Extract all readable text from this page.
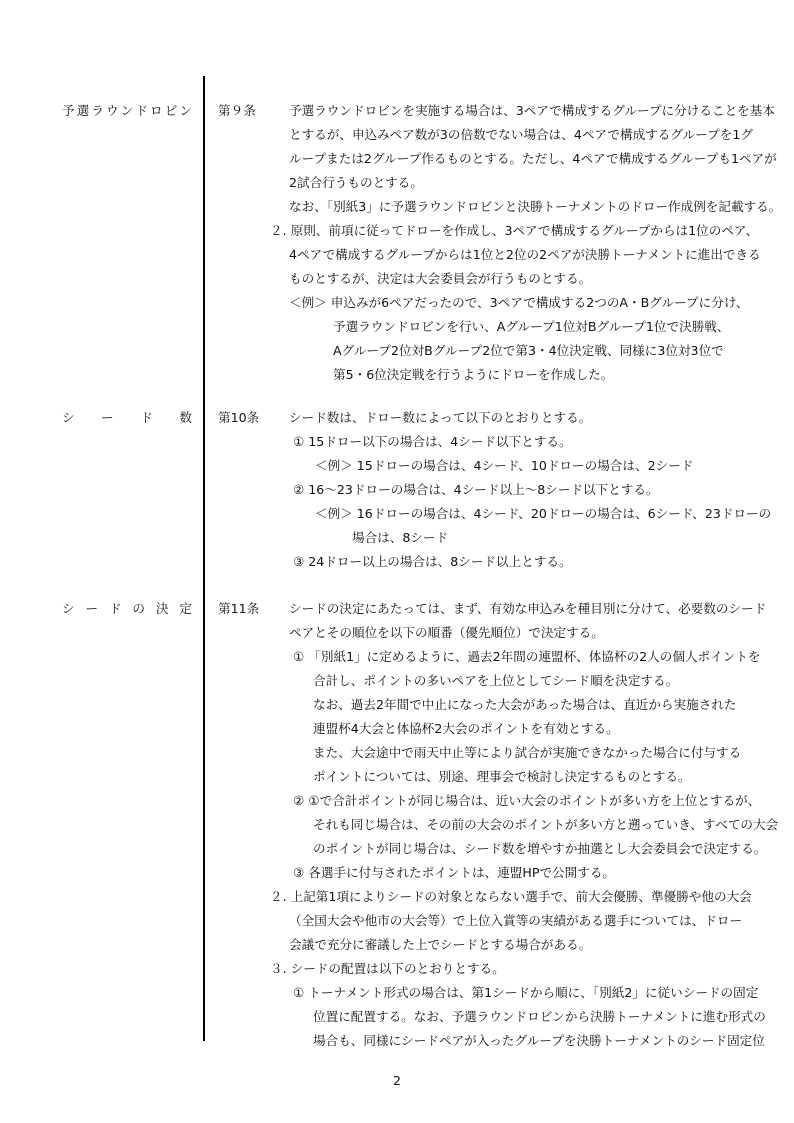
予 選 ラ ウ ン ド ロ ビ ン 第９条	予選ラウンドロビンを実施する場合は、3ペアで構成するグループに分けることを基本
とするが、申込みペア数が3の倍数でない場合は、4ペアで構成するグループを1グ
ループまたは2グループ作るものとする。ただし、4ペアで構成するグループも1ペアが
2試合行うものとする。
なお、「別紙3」に予選ラウンドロビンと決勝トーナメントのドロー作成例を記載する。
２. 原則、前項に従ってドローを作成し、3ペアで構成するグループからは1位のペア、
4ペアで構成するグループからは1位と2位の2ペアが決勝トーナメントに進出できる
ものとするが、決定は大会委員会が行うものとする。
＜例＞ 申込みが6ペアだったので、3ペアで構成する2つのA・Bグループに分け、
予選ラウンドロビンを行い、Aグループ1位対Bグループ1位で決勝戦、
Aグループ2位対Bグループ2位で第3・4位決定戦、同様に3位対3位で
第5・6位決定戦を行うようにドローを作成した。
シ ー ド 数 第10条 シード数は、ドロー数によって以下のとおりとする。
① 15ドロー以下の場合は、4シード以下とする。
＜例＞ 15ドローの場合は、4シード、10ドローの場合は、2シード
② 16～23ドローの場合は、4シード以上～8シード以下とする。
＜例＞ 16ドローの場合は、4シード、20ドローの場合は、6シード、23ドローの
場合は、8シード
③ 24ドロー以上の場合は、8シード以上とする。
シ ー ド の 決 定 第11条 シードの決定にあたっては、まず、有効な申込みを種目別に分けて、必要数のシード
ペアとその順位を以下の順番（優先順位）で決定する。
① 「別紙1」に定めるように、過去2年間の連盟杯、体協杯の2人の個人ポイントを
合計し、ポイントの多いペアを上位としてシード順を決定する。
なお、過去2年間で中止になった大会があった場合は、直近から実施された
連盟杯4大会と体協杯2大会のポイントを有効とする。
また、大会途中で雨天中止等により試合が実施できなかった場合に付与する
ポイントについては、別途、理事会で検討し決定するものとする。
② ①で合計ポイントが同じ場合は、近い大会のポイントが多い方を上位とするが、
それも同じ場合は、その前の大会のポイントが多い方と遡っていき、すべての大会
のポイントが同じ場合は、シード数を増やすか抽選とし大会委員会で決定する。
③ 各選手に付与されたポイントは、連盟HPで公開する。
２. 上記第1項によりシードの対象とならない選手で、前大会優勝、準優勝や他の大会
（全国大会や他市の大会等）で上位入賞等の実績がある選手については、ドロー
会議で充分に審議した上でシードとする場合がある。
３. シードの配置は以下のとおりとする。
① トーナメント形式の場合は、第1シードから順に、「別紙2」に従いシードの固定
位置に配置する。なお、予選ラウンドロビンから決勝トーナメントに進む形式の
場合も、同様にシードペアが入ったグループを決勝トーナメントのシード固定位
2
